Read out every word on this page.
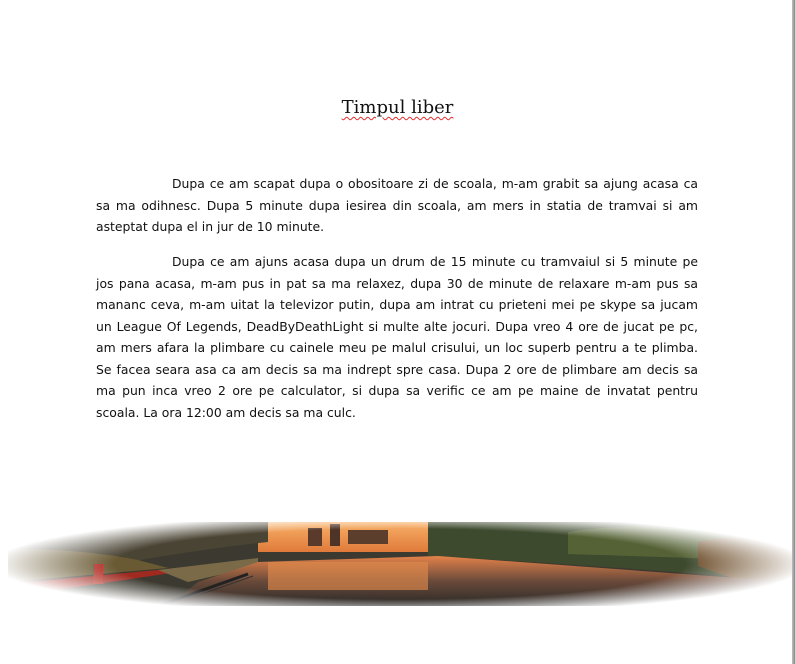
Timpul liber

Dupa ce am scapat dupa o obositoare zi de scoala, m-am grabit sa ajung acasa ca sa ma odihnesc. Dupa 5 minute dupa iesirea din scoala, am mers in statia de tramvai si am asteptat dupa el in jur de 10 minute.

Dupa ce am ajuns acasa dupa un drum de 15 minute cu tramvaiul si 5 minute pe jos pana acasa, m-am pus in pat sa ma relaxez, dupa 30 de minute de relaxare m-am pus sa mananc ceva, m-am uitat la televizor putin, dupa am intrat cu prieteni mei pe skype sa jucam un League Of Legends, DeadByDeathLight si multe alte jocuri. Dupa vreo 4 ore de jucat pe pc, am mers afara la plimbare cu cainele meu pe malul crisului, un loc superb pentru a te plimba. Se facea seara asa ca am decis sa ma indrept spre casa. Dupa 2 ore de plimbare am decis sa ma pun inca vreo 2 ore pe calculator, si dupa sa verific ce am pe maine de invatat pentru scoala. La ora 12:00 am decis sa ma culc.
